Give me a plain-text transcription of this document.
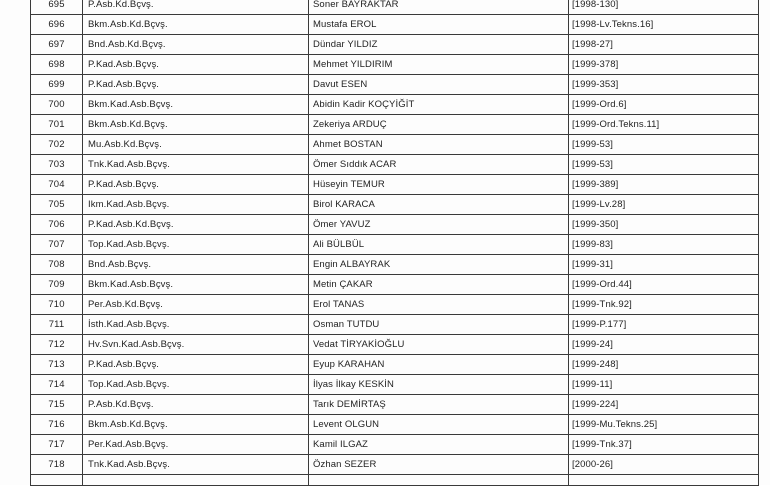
695	P.Asb.Kd.Bçvş.	Soner BAYRAKTAR	[1998-130]
696	Bkm.Asb.Kd.Bçvş.	Mustafa EROL	[1998-Lv.Tekns.16]
697	Bnd.Asb.Kd.Bçvş.	Dündar YILDIZ	[1998-27]
698	P.Kad.Asb.Bçvş.	Mehmet YILDIRIM	[1999-378]
699	P.Kad.Asb.Bçvş.	Davut ESEN	[1999-353]
700	Bkm.Kad.Asb.Bçvş.	Abidin Kadir KOÇYİĞİT	[1999-Ord.6]
701	Bkm.Asb.Kd.Bçvş.	Zekeriya ARDUÇ	[1999-Ord.Tekns.11]
702	Mu.Asb.Kd.Bçvş.	Ahmet BOSTAN	[1999-53]
703	Tnk.Kad.Asb.Bçvş.	Ömer Sıddık ACAR	[1999-53]
704	P.Kad.Asb.Bçvş.	Hüseyin TEMUR	[1999-389]
705	Ikm.Kad.Asb.Bçvş.	Birol KARACA	[1999-Lv.28]
706	P.Kad.Asb.Kd.Bçvş.	Ömer YAVUZ	[1999-350]
707	Top.Kad.Asb.Bçvş.	Ali BÜLBÜL	[1999-83]
708	Bnd.Asb.Bçvş.	Engin ALBAYRAK	[1999-31]
709	Bkm.Kad.Asb.Bçvş.	Metin ÇAKAR	[1999-Ord.44]
710	Per.Asb.Kd.Bçvş.	Erol TANAS	[1999-Tnk.92]
711	İsth.Kad.Asb.Bçvş.	Osman TUTDU	[1999-P.177]
712	Hv.Svn.Kad.Asb.Bçvş.	Vedat TİRYAKİOĞLU	[1999-24]
713	P.Kad.Asb.Bçvş.	Eyup KARAHAN	[1999-248]
714	Top.Kad.Asb.Bçvş.	İlyas İlkay KESKİN	[1999-11]
715	P.Asb.Kd.Bçvş.	Tarık DEMİRTAŞ	[1999-224]
716	Bkm.Asb.Kd.Bçvş.	Levent OLGUN	[1999-Mu.Tekns.25]
717	Per.Kad.Asb.Bçvş.	Kamil ILGAZ	[1999-Tnk.37]
718	Tnk.Kad.Asb.Bçvş.	Özhan SEZER	[2000-26]
